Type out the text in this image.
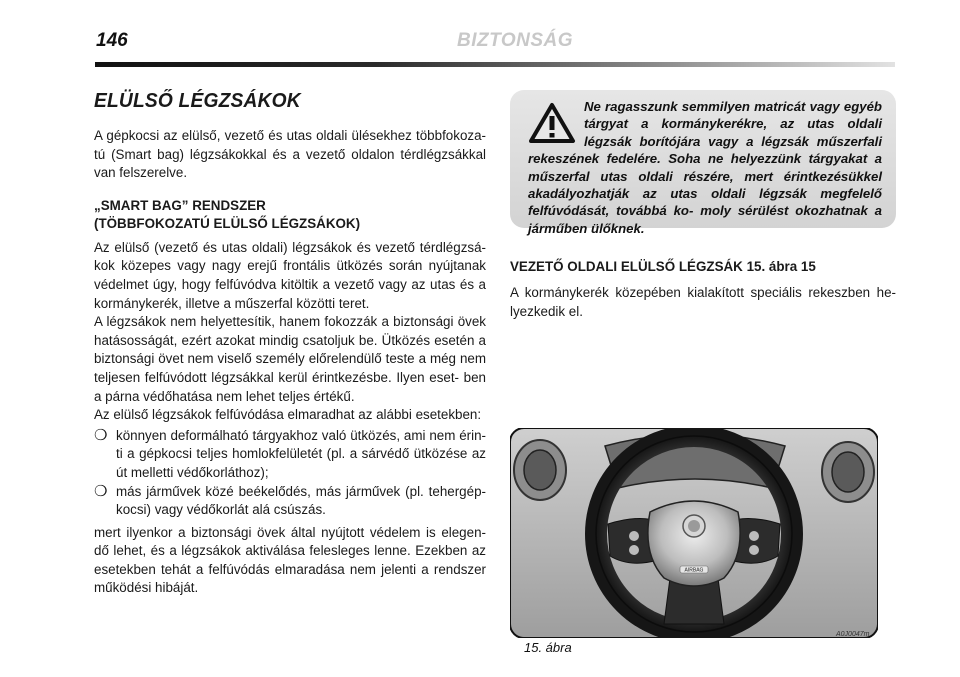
146	BIZTONSÁG
ELÜLSŐ LÉGZSÁKOK

A gépkocsi az elülső, vezető és utas oldali ülésekhez többfokoza- tú (Smart bag) légzsákokkal és a vezető oldalon térdlégzsákkal van felszerelve.

„SMART BAG” RENDSZER
(TÖBBFOKOZATÚ ELÜLSŐ LÉGZSÁKOK)

Az elülső (vezető és utas oldali) légzsákok és vezető térdlégzsá- kok közepes vagy nagy erejű frontális ütközés során nyújtanak védelmet úgy, hogy felfúvódva kitöltik a vezető vagy az utas és a kormánykerék, illetve a műszerfal közötti teret.

A légzsákok nem helyettesítik, hanem fokozzák a biztonsági övek hatásosságát, ezért azokat mindig csatoljuk be. Ütközés esetén a biztonsági övet nem viselő személy előrelendülő teste a még nem teljesen felfúvódott légzsákkal kerül érintkezésbe. Ilyen eset- ben a párna védőhatása nem lehet teljes értékű.

Az elülső légzsákok felfúvódása elmaradhat az alábbi esetekben:

❍ könnyen deformálható tárgyakhoz való ütközés, ami nem érin- ti a gépkocsi teljes homlokfelületét (pl. a sárvédő ütközése az út melletti védőkorláthoz);
❍ más járművek közé beékelődés, más járművek (pl. tehergép- kocsi) vagy védőkorlát alá csúszás.

mert ilyenkor a biztonsági övek által nyújtott védelem is elegen- dő lehet, és a légzsákok aktiválása felesleges lenne. Ezekben az esetekben tehát a felfúvódás elmaradása nem jelenti a rendszer működési hibáját.

Ne ragasszunk semmilyen matricát vagy egyéb tárgyat a kormánykerékre, az utas oldali légzsák borítójára vagy a légzsák műszerfali rekeszének fedelére. Soha ne helyezzünk tárgyakat a műszerfal utas oldali részére, mert érintkezésükkel akadályozhatják az utas oldali légzsák megfelelő felfúvódását, továbbá ko- moly sérülést okozhatnak a járműben ülőknek.

VEZETŐ OLDALI ELÜLSŐ LÉGZSÁK 15. ábra 15

A kormánykerék közepében kialakított speciális rekeszben he- lyezkedik el.

AIRBAG
A0J0047m
15. ábra
